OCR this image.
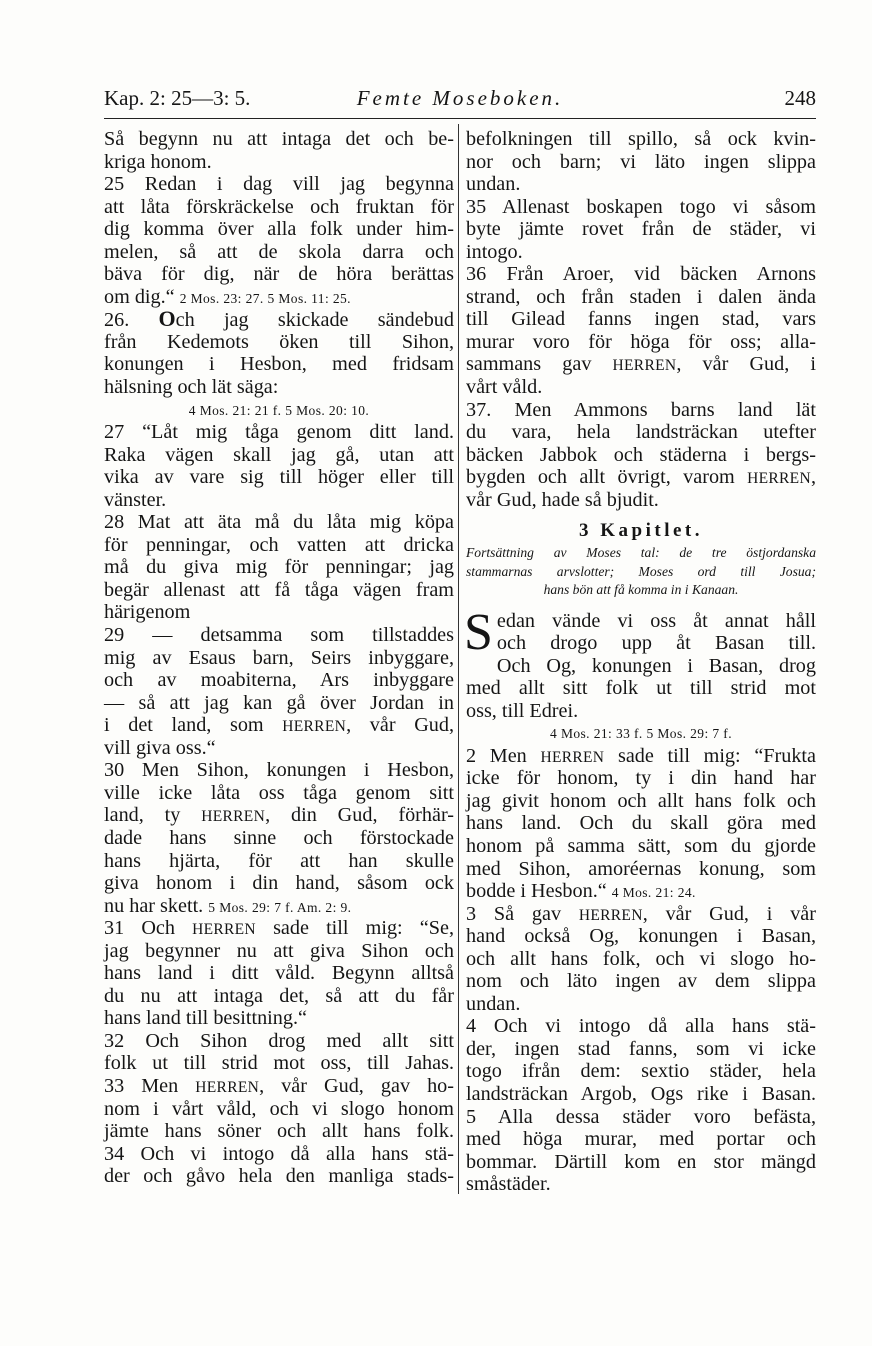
Kap. 2: 25—3: 5.	Femte Moseboken.	248
Så begynn nu att intaga det och be-
kriga honom.
25 Redan i dag vill jag begynna
att låta förskräckelse och fruktan för
dig komma över alla folk under him-
melen, så att de skola darra och
bäva för dig, när de höra berättas
om dig.“ 2 Mos. 23: 27. 5 Mos. 11: 25.
26. Och jag skickade sändebud
från Kedemots öken till Sihon,
konungen i Hesbon, med fridsam
hälsning och lät säga:
4 Mos. 21: 21 f. 5 Mos. 20: 10.
27 “Låt mig tåga genom ditt land.
Raka vägen skall jag gå, utan att
vika av vare sig till höger eller till
vänster.
28 Mat att äta må du låta mig köpa
för penningar, och vatten att dricka
må du giva mig för penningar; jag
begär allenast att få tåga vägen fram
härigenom
29 — detsamma som tillstaddes
mig av Esaus barn, Seirs inbyggare,
och av moabiterna, Ars inbyggare
— så att jag kan gå över Jordan in
i det land, som HERREN, vår Gud,
vill giva oss.“
30 Men Sihon, konungen i Hesbon,
ville icke låta oss tåga genom sitt
land, ty HERREN, din Gud, förhär-
dade hans sinne och förstockade
hans hjärta, för att han skulle
giva honom i din hand, såsom ock
nu har skett. 5 Mos. 29: 7 f. Am. 2: 9.
31 Och HERREN sade till mig: “Se,
jag begynner nu att giva Sihon och
hans land i ditt våld. Begynn alltså
du nu att intaga det, så att du får
hans land till besittning.“
32 Och Sihon drog med allt sitt
folk ut till strid mot oss, till Jahas.
33 Men HERREN, vår Gud, gav ho-
nom i vårt våld, och vi slogo honom
jämte hans söner och allt hans folk.
34 Och vi intogo då alla hans stä-
der och gåvo hela den manliga stads-
befolkningen till spillo, så ock kvin-
nor och barn; vi läto ingen slippa
undan.
35 Allenast boskapen togo vi såsom
byte jämte rovet från de städer, vi
intogo.
36 Från Aroer, vid bäcken Arnons
strand, och från staden i dalen ända
till Gilead fanns ingen stad, vars
murar voro för höga för oss; alla-
sammans gav HERREN, vår Gud, i
vårt våld.
37. Men Ammons barns land lät
du vara, hela landsträckan utefter
bäcken Jabbok och städerna i bergs-
bygden och allt övrigt, varom HERREN,
vår Gud, hade så bjudit.
3 Kapitlet.
Fortsättning av Moses tal: de tre östjordanska
stammarnas arvslotter; Moses ord till Josua;
hans bön att få komma in i Kanaan.
S edan vände vi oss åt annat håll
och drogo upp åt Basan till.
Och Og, konungen i Basan, drog
med allt sitt folk ut till strid mot
oss, till Edrei.
4 Mos. 21: 33 f. 5 Mos. 29: 7 f.
2 Men HERREN sade till mig: “Frukta
icke för honom, ty i din hand har
jag givit honom och allt hans folk och
hans land. Och du skall göra med
honom på samma sätt, som du gjorde
med Sihon, amoréernas konung, som
bodde i Hesbon.“ 4 Mos. 21: 24.
3 Så gav HERREN, vår Gud, i vår
hand också Og, konungen i Basan,
och allt hans folk, och vi slogo ho-
nom och läto ingen av dem slippa
undan.
4 Och vi intogo då alla hans stä-
der, ingen stad fanns, som vi icke
togo ifrån dem: sextio städer, hela
landsträckan Argob, Ogs rike i Basan.
5 Alla dessa städer voro befästa,
med höga murar, med portar och
bommar. Därtill kom en stor mängd
småstäder.
